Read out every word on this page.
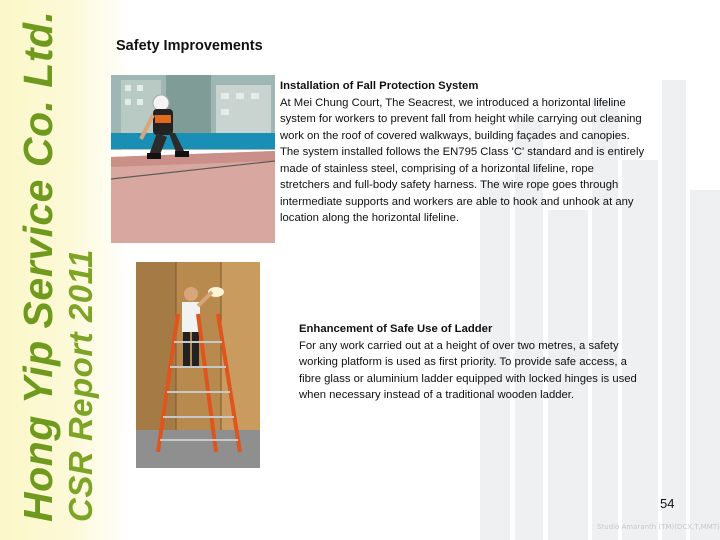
Hong Yip Service Co. Ltd. CSR Report 2011
Safety Improvements
Installation of Fall Protection System
At Mei Chung Court, The Seacrest, we introduced a horizontal lifeline system for workers to prevent fall from height while carrying out cleaning work on the roof of covered walkways, building façades and canopies. The system installed follows the EN795 Class 'C' standard and is entirely made of stainless steel, comprising of a horizontal lifeline, rope stretchers and full-body safety harness. The wire rope goes through intermediate supports and workers are able to hook and unhook at any location along the horizontal lifeline.
Enhancement of Safe Use of Ladder
For any work carried out at a height of over two metres, a safety working platform is used as first priority. To provide safe access, a fibre glass or aluminium ladder equipped with locked hinges is used when necessary instead of a traditional wooden ladder.
54
Studio Amaranth (TM)(DCX,T,MMT)
